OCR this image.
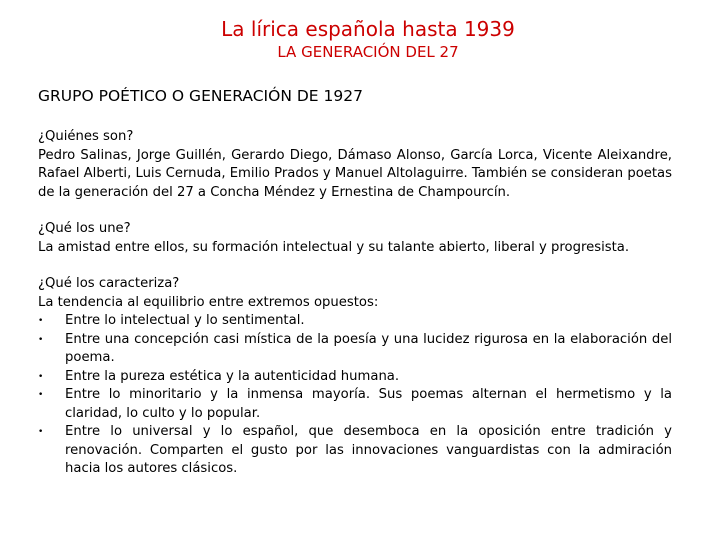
La lírica española hasta 1939
LA GENERACIÓN DEL 27
GRUPO POÉTICO O GENERACIÓN DE 1927
¿Quiénes son?
Pedro Salinas, Jorge Guillén, Gerardo Diego, Dámaso Alonso, García Lorca, Vicente Aleixandre, Rafael Alberti, Luis Cernuda, Emilio Prados y Manuel Altolaguirre. También se consideran poetas de la generación del 27 a Concha Méndez y Ernestina de Champourcín.
¿Qué los une?
La amistad entre ellos, su formación intelectual y su talante abierto, liberal y progresista.
¿Qué los caracteriza?
La tendencia al equilibrio entre extremos opuestos:
• Entre lo intelectual y lo sentimental.
• Entre una concepción casi mística de la poesía y una lucidez rigurosa en la elaboración del poema.
• Entre la pureza estética y la autenticidad humana.
• Entre lo minoritario y la inmensa mayoría. Sus poemas alternan el hermetismo y la claridad, lo culto y lo popular.
• Entre lo universal y lo español, que desemboca en la oposición entre tradición y renovación. Comparten el gusto por las innovaciones vanguardistas con la admiración hacia los autores clásicos.
